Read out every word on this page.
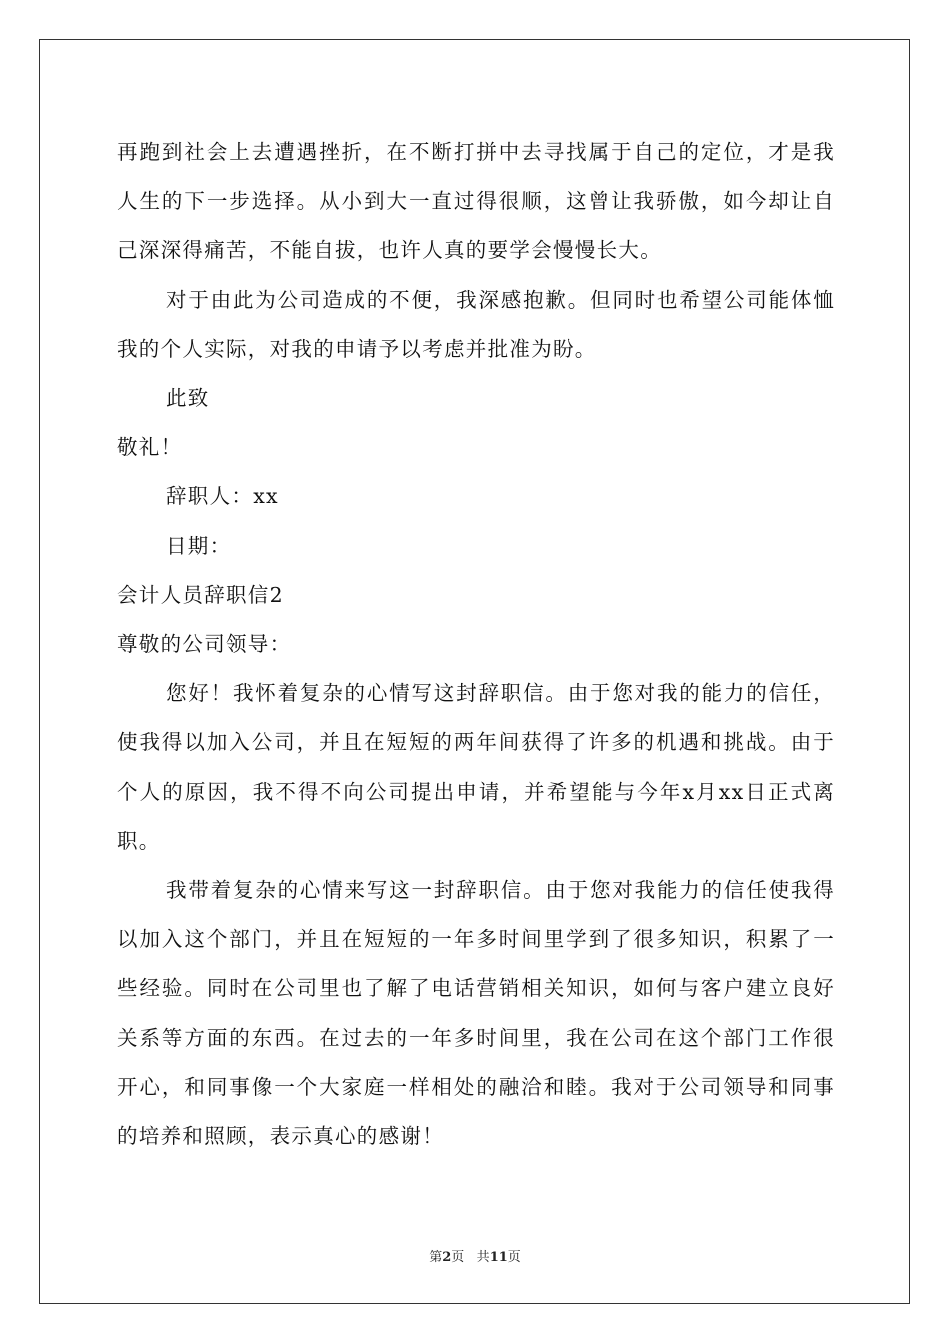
再跑到社会上去遭遇挫折，在不断打拼中去寻找属于自己的定位，才是我人生的下一步选择。从小到大一直过得很顺，这曾让我骄傲，如今却让自己深深得痛苦，不能自拔，也许人真的要学会慢慢长大。

对于由此为公司造成的不便，我深感抱歉。但同时也希望公司能体恤我的个人实际，对我的申请予以考虑并批准为盼。

此致

敬礼！

辞职人：xx

日期：

会计人员辞职信2

尊敬的公司领导：

您好！我怀着复杂的心情写这封辞职信。由于您对我的能力的信任，使我得以加入公司，并且在短短的两年间获得了许多的机遇和挑战。由于个人的原因，我不得不向公司提出申请，并希望能与今年x月xx日正式离职。

我带着复杂的心情来写这一封辞职信。由于您对我能力的信任使我得以加入这个部门，并且在短短的一年多时间里学到了很多知识，积累了一些经验。同时在公司里也了解了电话营销相关知识，如何与客户建立良好关系等方面的东西。在过去的一年多时间里，我在公司在这个部门工作很开心，和同事像一个大家庭一样相处的融洽和睦。我对于公司领导和同事的培养和照顾，表示真心的感谢！

第2页 共11页
